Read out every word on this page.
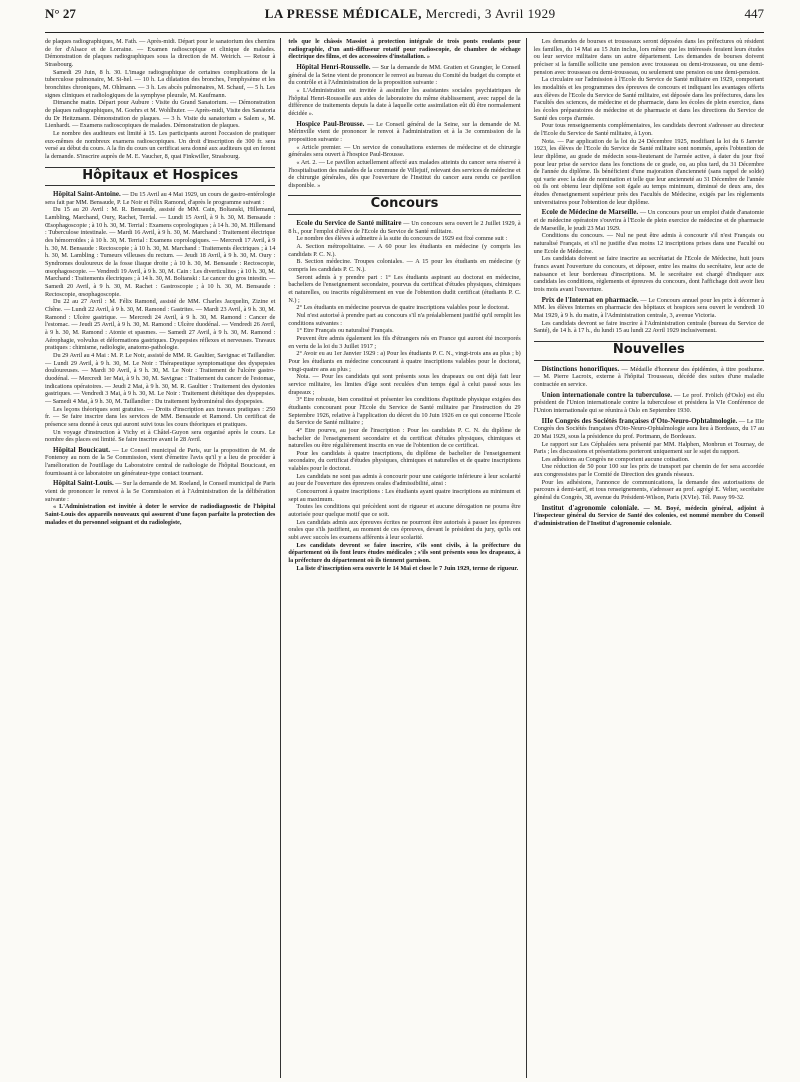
N° 27	LA PRESSE MÉDICALE, Mercredi, 3 Avril 1929	447

de plaques radiographiques, M. Fath. — Après-midi. Départ pour le sanatorium des chemins de fer d'Alsace et de Lorraine. — Examen radioscopique et clinique de malades. Démonstration de plaques radiographiques sous la direction de M. Weirich. — Retour à Strasbourg.

Samedi 29 Juin, 8 h. 30. L'image radiographique de certaines complications de la tuberculose pulmonaire, M. Si-hel. — 10 h. La dilatation des bronches, l'emphysème et les bronchites chroniques, M. Ohlmann. — 3 h. Les abcès pulmonaires, M. Schauf, — 5 h. Les signes cliniques et radiologiques de la symphyse pleurale, M. Kaufmann.

Dimanche matin. Départ pour Aubure : Visite du Grand Sanatorium. — Démonstration de plaques radiographiques, M. Goehrs et M. Wohlhuter. — Après-midi, Visite des Sanatoria du Dr Heitzmann. Démonstration de plaques. — 3 h. Visite du sanatorium « Salem », M. Lienhardt. — Examens radioscopiques de malades. Démonstration de plaques.

Le nombre des auditeurs est limité à 15. Les participants auront l'occasion de pratiquer eux-mêmes de nombreux examens radioscopiques. Un droit d'inscription de 300 fr. sera versé au début du cours. A la fin du cours un certificat sera donné aux auditeurs qui en feront la demande. S'inscrire auprès de M. E. Vaucher, 8, quai Finkwiller, Strasbourg.

Hôpitaux et Hospices

Hôpital Saint-Antoine. — Du 15 Avril au 4 Mai 1929, un cours de gastro-entérologie sera fait par MM. Bensaude, P. Le Noir et Félix Ramond, d'après le programme suivant :

Du 15 au 20 Avril : M. R. Bensaude, assisté de MM. Cain, Boltanski, Hillemand, Lambling, Marchand, Oury, Rachet, Terrial. — Lundi 15 Avril, à 9 h. 30, M. Bensaude : Œsophagoscopie ; à 10 h. 30, M. Terrial : Examens coprologiques ; à 14 h. 30, M. Hillemand : Tuberculose intestinale. — Mardi 16 Avril, à 9 h. 30, M. Marchand : Traitement électrique des hémorroïdes ; à 10 h. 30, M. Terrial : Examens coprologiques. — Mercredi 17 Avril, à 9 h. 30, M. Bensaude : Rectoscopie ; à 10 h. 30, M. Marchand : Traitements électriques ; à 14 h. 30, M. Lambling : Tumeurs villeuses du rectum. — Jeudi 18 Avril, à 9 h. 30, M. Oury : Syndromes douloureux de la fosse iliaque droite ; à 10 h. 30, M. Bensaude : Rectoscopie, œsophagoscopie. — Vendredi 19 Avril, à 9 h. 30, M. Cain : Les diverticulites ; à 10 h. 30, M. Marchand : Traitements électriques ; à 14 h. 30, M. Boltanski : Le cancer du gros intestin. — Samedi 20 Avril, à 9 h. 30, M. Rachet : Gastroscopie ; à 10 h. 30, M. Bensaude : Rectoscopie, œsophagoscopie.

Du 22 au 27 Avril : M. Félix Ramond, assisté de MM. Charles Jacquelin, Zizine et Chêne. — Lundi 22 Avril, à 9 h. 30, M. Ramond : Gastrites. — Mardi 23 Avril, à 9 h. 30, M. Ramond : Ulcère gastrique. — Mercredi 24 Avril, à 9 h. 30, M. Ramond : Cancer de l'estomac. — Jeudi 25 Avril, à 9 h. 30, M. Ramond : Ulcère duodénal. — Vendredi 26 Avril, à 9 h. 30, M. Ramond : Atonie et spasmes. — Samedi 27 Avril, à 9 h. 30, M. Ramond : Aérophagie, volvulus et déformations gastriques. Dyspepsies réflexes et nerveuses. Travaux pratiques : chimisme, radiologie, anatomo-pathologie.

Du 29 Avril au 4 Mai : M. P. Le Noir, assisté de MM. R. Gaultier, Savignac et Taillandier. — Lundi 29 Avril, à 9 h. 30, M. Le Noir : Thérapeutique symptomatique des dyspepsies douloureuses. — Mardi 30 Avril, à 9 h. 30, M. Le Noir : Traitement de l'ulcère gastro-duodénal. — Mercredi 1er Mai, à 9 h. 30, M. Savignac : Traitement du cancer de l'estomac, indications opératoires. — Jeudi 2 Mai, à 9 h. 30, M. R. Gaultier : Traitement des dystonies gastriques. — Vendredi 3 Mai, à 9 h. 30, M. Le Noir : Traitement diététique des dyspepsies. — Samedi 4 Mai, à 9 h. 30, M. Taillandier : Du traitement hydrominéral des dyspepsies.

Les leçons théoriques sont gratuites. — Droits d'inscription aux travaux pratiques : 250 fr. — Se faire inscrire dans les services de MM. Bensaude et Ramond. Un certificat de présence sera donné à ceux qui auront suivi tous les cours théoriques et pratiques.

Un voyage d'instruction à Vichy et à Châtel-Guyon sera organisé après le cours. Le nombre des places est limité. Se faire inscrire avant le 28 Avril.

Hôpital Boucicaut. — Le Conseil municipal de Paris, sur la proposition de M. de Fontenoy au nom de la 5e Commission, vient d'émettre l'avis qu'il y a lieu de procéder à l'amélioration de l'outillage du Laboratoire central de radiologie de l'hôpital Boucicaut, en fournissant à ce laboratoire un générateur-type contact tournant.

Hôpital Saint-Louis. — Sur la demande de M. Roeland, le Conseil municipal de Paris vient de prononcer le renvoi à la 5e Commission et à l'Administration de la délibération suivante :

« L'Administration est invitée à doter le service de radiodiagnostic de l'hôpital Saint-Louis des appareils nouveaux qui assurent d'une façon parfaite la protection des malades et du personnel soignant et du radiologiste,

tels que le châssis Massiot à protection intégrale de trois ponts roulants pour radiographie, d'un anti-diffuseur rotatif pour radioscopie, de chambre de séchage électrique des films, et des accessoires d'installation. »

Hôpital Henri-Rousselle. — Sur la demande de MM. Gratien et Grangier, le Conseil général de la Seine vient de prononcer le renvoi au bureau du Comité du budget du compte et du contrôle et à l'Administration de la proposition suivante :

« L'Administration est invitée à assimiler les assistantes sociales psychiatriques de l'hôpital Henri-Rousselle aux aides de laboratoire du même établissement, avec rappel de la différence de traitements depuis la date à laquelle cette assimilation eût dû être normalement décidée ».

Hospice Paul-Brousse. — Le Conseil général de la Seine, sur la demande de M. Mérinville vient de prononcer le renvoi à l'administration et à la 3e commission de la proposition suivante :

« Article premier. — Un service de consultations externes de médecine et de chirurgie générales sera ouvert à l'hospice Paul-Brousse.

« Art. 2. — Le pavillon actuellement affecté aux malades atteints du cancer sera réservé à l'hospitalisation des malades de la commune de Villejuif, relevant des services de médecine et de chirurgie générales, dès que l'ouverture de l'Institut du cancer aura rendu ce pavillon disponible. »

Concours

Ecole du Service de Santé militaire — Un concours sera ouvert le 2 Juillet 1929, à 8 h., pour l'emploi d'élève de l'Ecole du Service de Santé militaire.

Le nombre des élèves à admettre à la suite du concours de 1929 est fixé comme suit :

A. Section métropolitaine. — A 60 pour les étudiants en médecine (y compris les candidats P. C. N.).

B. Section médecine. Troupes coloniales. — A 15 pour les étudiants en médecine (y compris les candidats P. C. N.).

Seront admis à y prendre part : 1° Les étudiants aspirant au doctorat en médecine, bacheliers de l'enseignement secondaire, pourvus du certificat d'études physiques, chimiques et naturelles, ou inscrits régulièrement en vue de l'obtention dudit certificat (étudiants P. C. N.) ;

2° Les étudiants en médecine pourvus de quatre inscriptions valables pour le doctorat.

Nul n'est autorisé à prendre part au concours s'il n'a préalablement justifié qu'il remplit les conditions suivantes :

1° Etre Français ou naturalisé Français.

Peuvent être admis également les fils d'étrangers nés en France qui auront été incorporés en vertu de la loi du 3 Juillet 1917 ;

2° Avoir eu au 1er Janvier 1929 : a) Pour les étudiants P. C. N., vingt-trois ans au plus ; b) Pour les étudiants en médecine concourant à quatre inscriptions valables pour le doctorat, vingt-quatre ans au plus ;

Nota. — Pour les candidats qui sont présents sous les drapeaux ou ont déjà fait leur service militaire, les limites d'âge sont reculées d'un temps égal à celui passé sous les drapeaux ;

3° Etre robuste, bien constitué et présenter les conditions d'aptitude physique exigées des étudiants concourant pour l'Ecole du Service de Santé militaire par l'instruction du 29 Septembre 1926, relative à l'application du décret du 10 Juin 1926 en ce qui concerne l'Ecole du Service de Santé militaire ;

4° Etre pourvu, au jour de l'inscription : Pour les candidats P. C. N. du diplôme de bachelier de l'enseignement secondaire et du certificat d'études physiques, chimiques et naturelles ou être régulièrement inscrits en vue de l'obtention de ce certificat.

Pour les candidats à quatre inscriptions, du diplôme de bachelier de l'enseignement secondaire, du certificat d'études physiques, chimiques et naturelles et de quatre inscriptions valables pour le doctorat.

Les candidats ne sont pas admis à concourir pour une catégorie inférieure à leur scolarité au jour de l'ouverture des épreuves orales d'admissibilité, ainsi :

Concourront à quatre inscriptions : Les étudiants ayant quatre inscriptions au minimum et sept au maximum.

Toutes les conditions qui précèdent sont de rigueur et aucune dérogation ne pourra être autorisée pour quelque motif que ce soit.

Les candidats admis aux épreuves écrites ne pourront être autorisés à passer les épreuves orales que s'ils justifient, au moment de ces épreuves, devant le président du jury, qu'ils ont subi avec succès les examens afférents à leur scolarité.

Les candidats devront se faire inscrire, s'ils sont civils, à la préfecture du département où ils font leurs études médicales ; s'ils sont présents sous les drapeaux, à la préfecture du département où ils tiennent garnison.

La liste d'inscription sera ouverte le 14 Mai et close le 7 Juin 1929, terme de rigueur.

Les demandes de bourses et trousseaux seront déposées dans les préfectures où résident les familles, du 14 Mai au 15 Juin inclus, lors même que les intéressés feraient leurs études ou leur service militaire dans un autre département. Les demandes de bourses doivent préciser si la famille sollicite une pension avec trousseau ou demi-trousseau, ou une demi-pension avec trousseau ou demi-trousseau, ou seulement une pension ou une demi-pension.

La circulaire sur l'admission à l'Ecole du Service de Santé militaire en 1929, comportant les modalités et les programmes des épreuves de concours et indiquant les avantages offerts aux élèves de l'Ecole du Service de Santé militaire, est déposée dans les préfectures, dans les Facultés des sciences, de médecine et de pharmacie, dans les écoles de plein exercice, dans les écoles préparatoires de médecine et de pharmacie et dans les directions du Service de Santé des corps d'armée.

Pour tous renseignements complémentaires, les candidats devront s'adresser au directeur de l'Ecole du Service de Santé militaire, à Lyon.

Nota. — Par application de la loi du 24 Décembre 1925, modifiant la loi du 6 Janvier 1923, les élèves de l'Ecole du Service de Santé militaire sont nommés, après l'obtention de leur diplôme, au grade de médecin sous-lieutenant de l'armée active, à dater du jour fixé pour leur prise de service dans les fonctions de ce grade, ou, au plus tard, du 31 Décembre de l'année du diplôme. Ils bénéficient d'une majoration d'ancienneté (sans rappel de solde) qui varie avec la date de nomination et telle que leur ancienneté au 31 Décembre de l'année où ils ont obtenu leur diplôme soit égale au temps minimum, diminué de deux ans, des études d'enseignement supérieur près des Facultés de Médecine, exigés par les règlements universitaires pour l'obtention de leur diplôme.

Ecole de Médecine de Marseille. — Un concours pour un emploi d'aide d'anatomie et de médecine opératoire s'ouvrira à l'Ecole de plein exercice de médecine et de pharmacie de Marseille, le jeudi 23 Mai 1929.

Conditions du concours. — Nul ne peut être admis à concourir s'il n'est Français ou naturalisé Français, et s'il ne justifie d'au moins 12 inscriptions prises dans une Faculté ou une Ecole de Médecine.

Les candidats doivent se faire inscrire au secrétariat de l'Ecole de Médecine, huit jours francs avant l'ouverture du concours, et déposer, entre les mains du secrétaire, leur acte de naissance et leur bordereau d'inscriptions. M. le secrétaire est chargé d'indiquer aux candidats les conditions, règlements et épreuves du concours, dont l'affichage doit avoir lieu trois mois avant l'ouverture.

Prix de l'Internat en pharmacie. — Le Concours annuel pour les prix à décerner à MM. les élèves Internes en pharmacie des hôpitaux et hospices sera ouvert le vendredi 10 Mai 1929, à 9 h. du matin, à l'Administration centrale, 3, avenue Victoria.

Les candidats devront se faire inscrire à l'Administration centrale (bureau du Service de Santé), de 14 h. à 17 h., du lundi 15 au lundi 22 Avril 1929 inclusivement.

Nouvelles

Distinctions honorifiques. — Médaille d'honneur des épidémies, à titre posthume. — M. Pierre Lacroix, externe à l'hôpital Trousseau, décédé des suites d'une maladie contractée en service.

Union internationale contre la tuberculose. — Le prof. Frölich (d'Oslo) est élu président de l'Union internationale contre la tuberculose et présidera la VIe Conférence de l'Union internationale qui se réunira à Oslo en Septembre 1930.

IIIe Congrès des Sociétés françaises d'Oto-Neuro-Ophtalmologie. — Le IIIe Congrès des Sociétés françaises d'Oto-Neuro-Ophtalmologie aura lieu à Bordeaux, du 17 au 20 Mai 1929, sous la présidence du prof. Portmann, de Bordeaux.

Le rapport sur Les Céphalées sera présenté par MM. Halphen, Monbrun et Tournay, de Paris ; les discussions et présentations porteront uniquement sur le sujet du rapport.

Les adhésions au Congrès ne comportent aucune cotisation.

Une réduction de 50 pour 100 sur les prix de transport par chemin de fer sera accordée aux congressistes par le Comité de Direction des grands réseaux.

Pour les adhésions, l'annonce de communications, la demande des autorisations de parcours à demi-tarif, et tous renseignements, s'adresser au prof. agrégé E. Velter, secrétaire général du Congrès, 38, avenue du Président-Wilson, Paris (XVIe). Tél. Passy 99-32.

Institut d'agronomie coloniale. — M. Boyé, médecin général, adjoint à l'inspecteur général du Service de Santé des colonies, est nommé membre du Conseil d'administration de l'Institut d'agronomie coloniale.
